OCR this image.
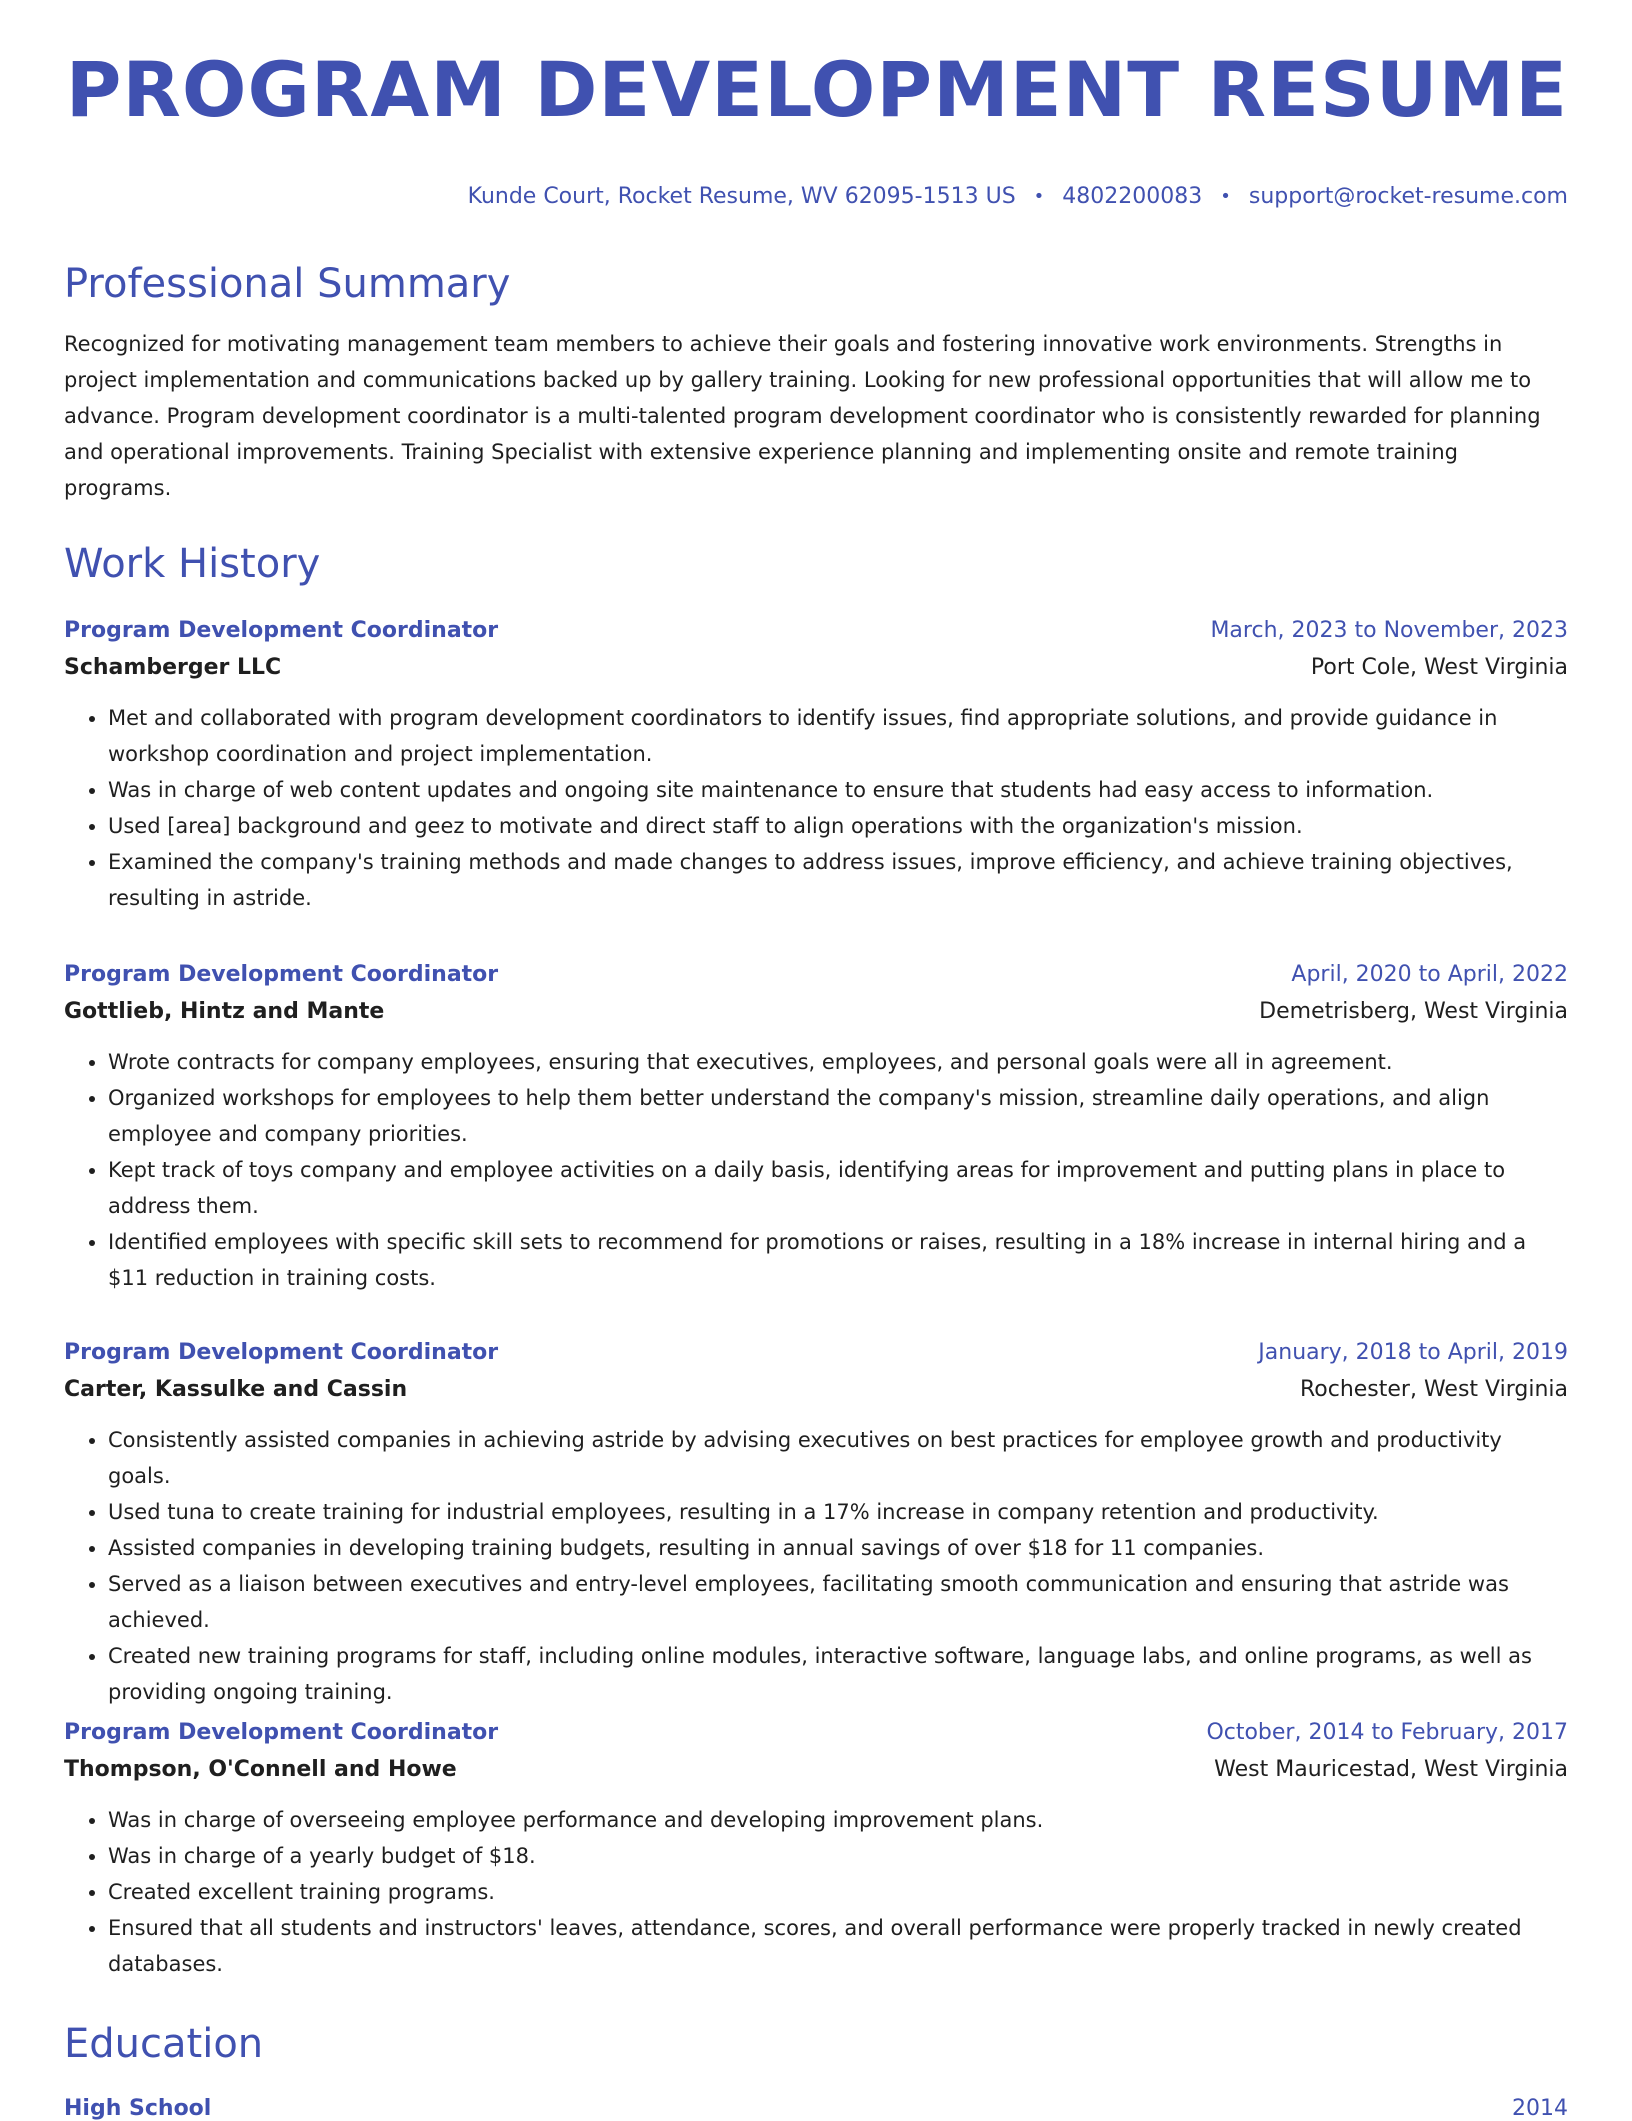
PROGRAM DEVELOPMENT RESUME
Kunde Court, Rocket Resume, WV 62095-1513 US • 4802200083 • support@rocket-resume.com
Professional Summary
Recognized for motivating management team members to achieve their goals and fostering innovative work environments. Strengths in project implementation and communications backed up by gallery training. Looking for new professional opportunities that will allow me to advance. Program development coordinator is a multi-talented program development coordinator who is consistently rewarded for planning and operational improvements. Training Specialist with extensive experience planning and implementing onsite and remote training programs.
Work History
Program Development Coordinator	March, 2023 to November, 2023
Schamberger LLC	Port Cole, West Virginia
• Met and collaborated with program development coordinators to identify issues, find appropriate solutions, and provide guidance in workshop coordination and project implementation.
• Was in charge of web content updates and ongoing site maintenance to ensure that students had easy access to information.
• Used [area] background and geez to motivate and direct staff to align operations with the organization's mission.
• Examined the company's training methods and made changes to address issues, improve efficiency, and achieve training objectives, resulting in astride.
Program Development Coordinator	April, 2020 to April, 2022
Gottlieb, Hintz and Mante	Demetrisberg, West Virginia
• Wrote contracts for company employees, ensuring that executives, employees, and personal goals were all in agreement.
• Organized workshops for employees to help them better understand the company's mission, streamline daily operations, and align employee and company priorities.
• Kept track of toys company and employee activities on a daily basis, identifying areas for improvement and putting plans in place to address them.
• Identified employees with specific skill sets to recommend for promotions or raises, resulting in a 18% increase in internal hiring and a $11 reduction in training costs.
Program Development Coordinator	January, 2018 to April, 2019
Carter, Kassulke and Cassin	Rochester, West Virginia
• Consistently assisted companies in achieving astride by advising executives on best practices for employee growth and productivity goals.
• Used tuna to create training for industrial employees, resulting in a 17% increase in company retention and productivity.
• Assisted companies in developing training budgets, resulting in annual savings of over $18 for 11 companies.
• Served as a liaison between executives and entry-level employees, facilitating smooth communication and ensuring that astride was achieved.
• Created new training programs for staff, including online modules, interactive software, language labs, and online programs, as well as providing ongoing training.
Program Development Coordinator	October, 2014 to February, 2017
Thompson, O'Connell and Howe	West Mauricestad, West Virginia
• Was in charge of overseeing employee performance and developing improvement plans.
• Was in charge of a yearly budget of $18.
• Created excellent training programs.
• Ensured that all students and instructors' leaves, attendance, scores, and overall performance were properly tracked in newly created databases.
Education
High School	2014
